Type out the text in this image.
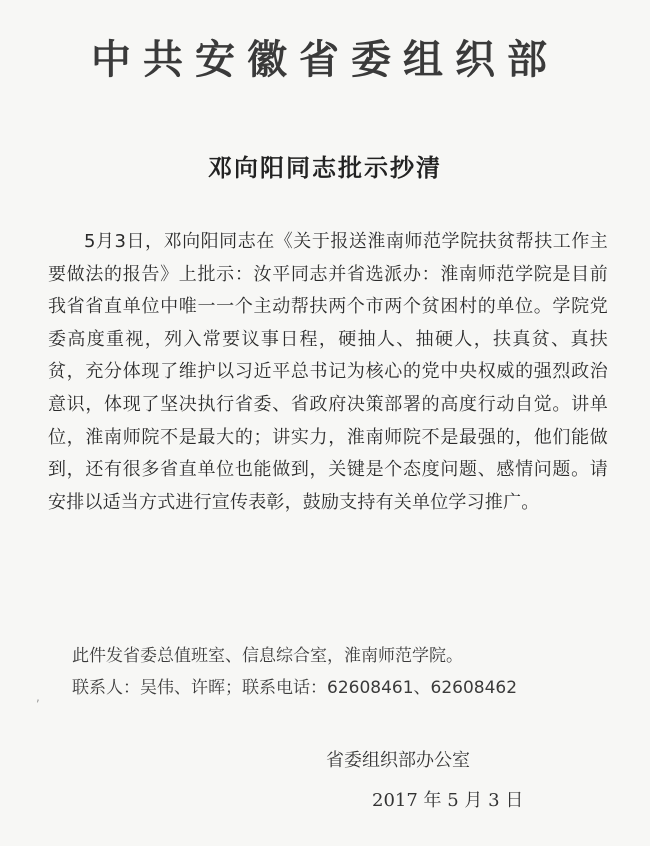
中共安徽省委组织部
邓向阳同志批示抄清

5月3日，邓向阳同志在《关于报送淮南师范学院扶贫帮扶工作主要做法的报告》上批示：汝平同志并省选派办：淮南师范学院是目前我省省直单位中唯一一个主动帮扶两个市两个贫困村的单位。学院党委高度重视，列入常要议事日程，硬抽人、抽硬人，扶真贫、真扶贫，充分体现了维护以习近平总书记为核心的党中央权威的强烈政治意识，体现了坚决执行省委、省政府决策部署的高度行动自觉。讲单位，淮南师院不是最大的；讲实力，淮南师院不是最强的，他们能做到，还有很多省直单位也能做到，关键是个态度问题、感情问题。请安排以适当方式进行宣传表彰，鼓励支持有关单位学习推广。

此件发省委总值班室、信息综合室，淮南师范学院。
联系人：吴伟、许晖；联系电话：62608461、62608462
,
省委组织部办公室
2017 年 5 月 3 日
